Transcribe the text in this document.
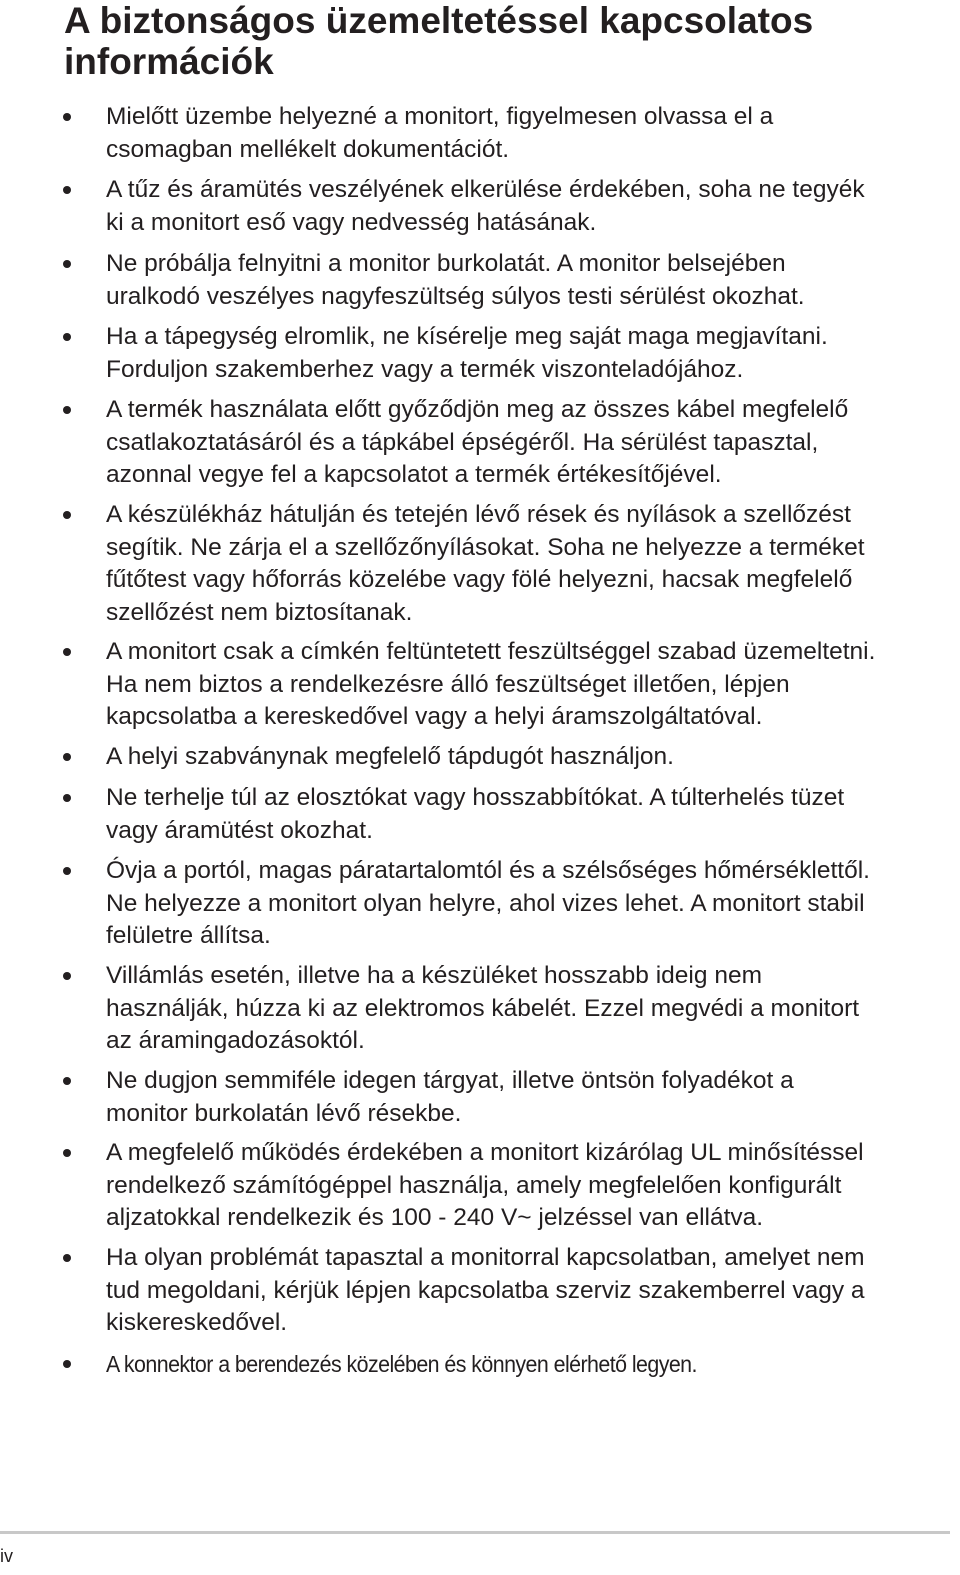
A biztonságos üzemeltetéssel kapcsolatos
információk

Mielőtt üzembe helyezné a monitort, figyelmesen olvassa el a
csomagban mellékelt dokumentációt.

A tűz és áramütés veszélyének elkerülése érdekében, soha ne tegyék
ki a monitort eső vagy nedvesség hatásának.

Ne próbálja felnyitni a monitor burkolatát. A monitor belsejében
uralkodó veszélyes nagyfeszültség súlyos testi sérülést okozhat.

Ha a tápegység elromlik, ne kísérelje meg saját maga megjavítani.
Forduljon szakemberhez vagy a termék viszonteladójához.

A termék használata előtt győződjön meg az összes kábel megfelelő
csatlakoztatásáról és a tápkábel épségéről. Ha sérülést tapasztal,
azonnal vegye fel a kapcsolatot a termék értékesítőjével.

A készülékház hátulján és tetején lévő rések és nyílások a szellőzést
segítik. Ne zárja el a szellőzőnyílásokat. Soha ne helyezze a terméket
fűtőtest vagy hőforrás közelébe vagy fölé helyezni, hacsak megfelelő
szellőzést nem biztosítanak.

A monitort csak a címkén feltüntetett feszültséggel szabad üzemeltetni.
Ha nem biztos a rendelkezésre álló feszültséget illetően, lépjen
kapcsolatba a kereskedővel vagy a helyi áramszolgáltatóval.

A helyi szabványnak megfelelő tápdugót használjon.

Ne terhelje túl az elosztókat vagy hosszabbítókat. A túlterhelés tüzet
vagy áramütést okozhat.

Óvja a portól, magas páratartalomtól és a szélsőséges hőmérséklettől.
Ne helyezze a monitort olyan helyre, ahol vizes lehet. A monitort stabil
felületre állítsa.

Villámlás esetén, illetve ha a készüléket hosszabb ideig nem
használják, húzza ki az elektromos kábelét. Ezzel megvédi a monitort
az áramingadozásoktól.

Ne dugjon semmiféle idegen tárgyat, illetve öntsön folyadékot a
monitor burkolatán lévő résekbe.

A megfelelő működés érdekében a monitort kizárólag UL minősítéssel
rendelkező számítógéppel használja, amely megfelelően konfigurált
aljzatokkal rendelkezik és 100 - 240 V~ jelzéssel van ellátva.

Ha olyan problémát tapasztal a monitorral kapcsolatban, amelyet nem
tud megoldani, kérjük lépjen kapcsolatba szerviz szakemberrel vagy a
kiskereskedővel.

A konnektor a berendezés közelében és könnyen elérhető legyen.

iv
